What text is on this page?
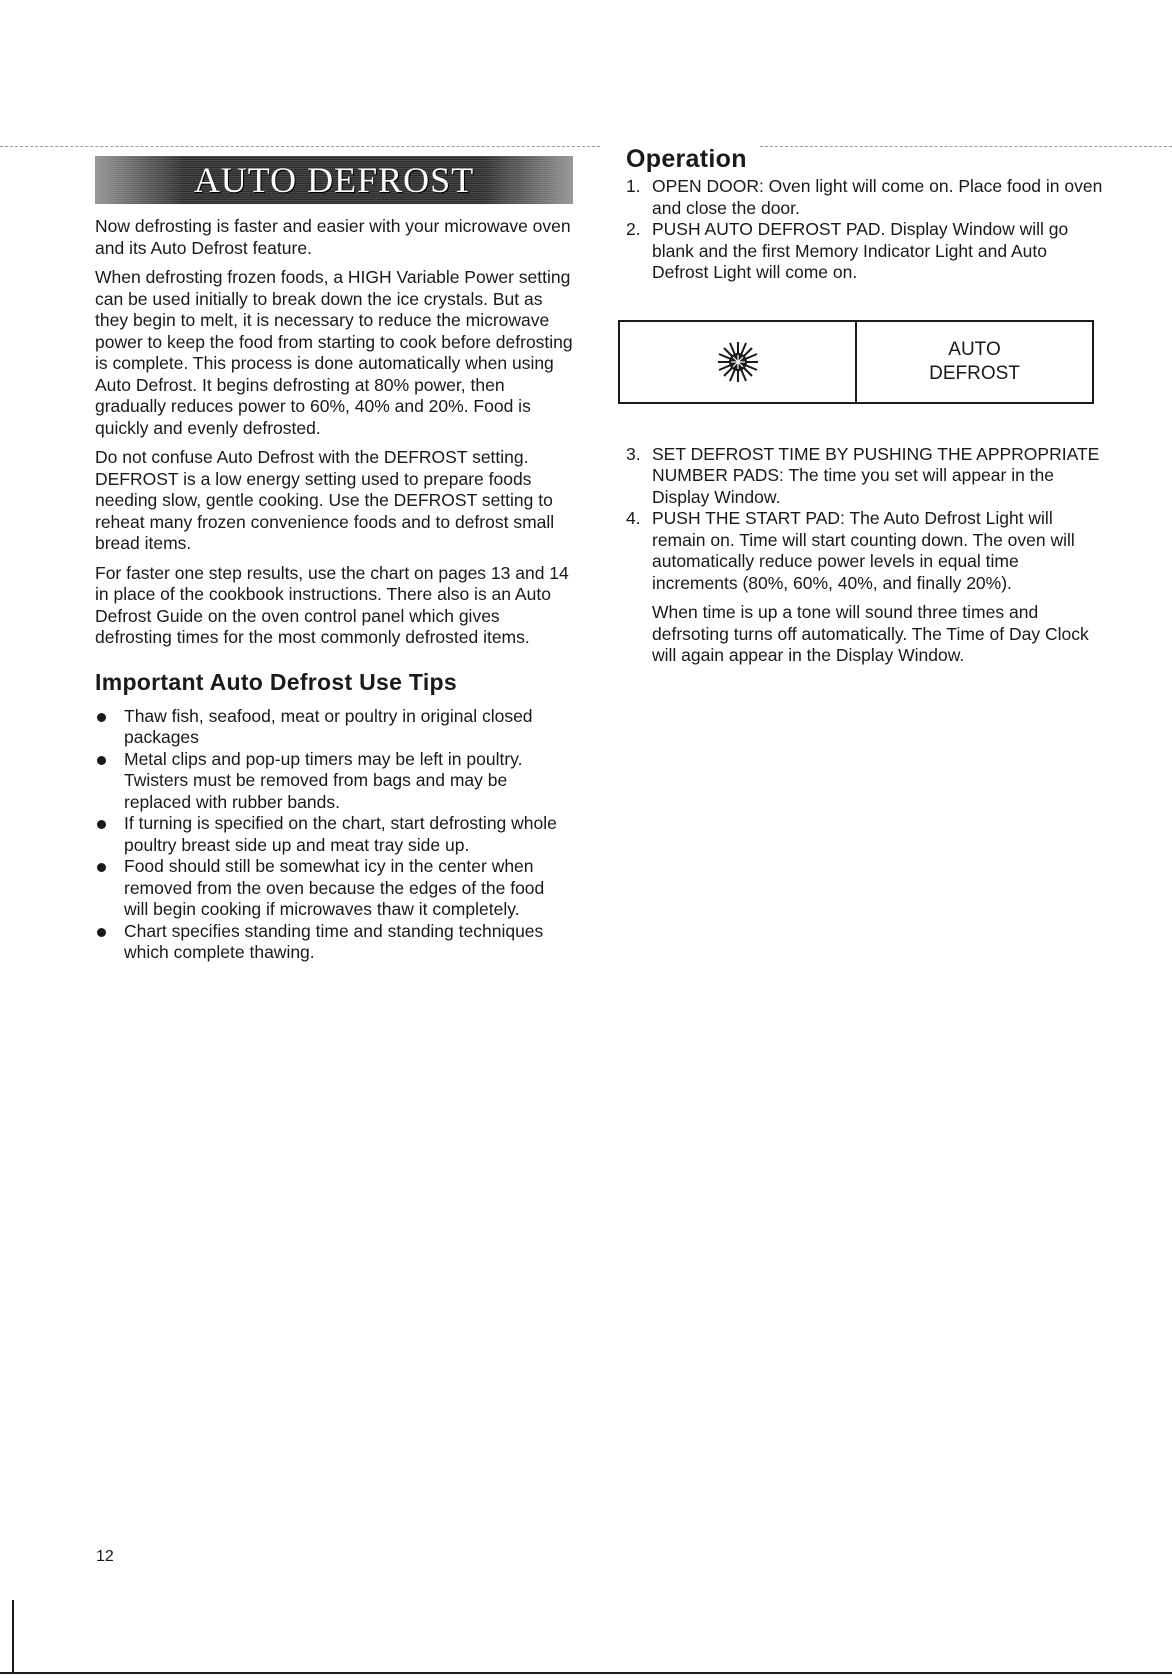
AUTO DEFROST

Now defrosting is faster and easier with your microwave oven and its Auto Defrost feature.

When defrosting frozen foods, a HIGH Variable Power setting can be used initially to break down the ice crystals. But as they begin to melt, it is necessary to reduce the microwave power to keep the food from starting to cook before defrosting is complete. This process is done automatically when using Auto Defrost. It begins defrosting at 80% power, then gradually reduces power to 60%, 40% and 20%. Food is quickly and evenly defrosted.

Do not confuse Auto Defrost with the DEFROST setting. DEFROST is a low energy setting used to prepare foods needing slow, gentle cooking. Use the DEFROST setting to reheat many frozen convenience foods and to defrost small bread items.

For faster one step results, use the chart on pages 13 and 14 in place of the cookbook instructions. There also is an Auto Defrost Guide on the oven control panel which gives defrosting times for the most commonly defrosted items.

Important Auto Defrost Use Tips
Thaw fish, seafood, meat or poultry in original closed packages
Metal clips and pop-up timers may be left in poultry. Twisters must be removed from bags and may be replaced with rubber bands.
If turning is specified on the chart, start defrosting whole poultry breast side up and meat tray side up.
Food should still be somewhat icy in the center when removed from the oven because the edges of the food will begin cooking if microwaves thaw it completely.
Chart specifies standing time and standing techniques which complete thawing.
Operation
1. OPEN DOOR: Oven light will come on. Place food in oven and close the door.
2. PUSH AUTO DEFROST PAD. Display Window will go blank and the first Memory Indicator Light and Auto Defrost Light will come on.
AUTO
DEFROST
3. SET DEFROST TIME BY PUSHING THE APPROPRIATE NUMBER PADS: The time you set will appear in the Display Window.
4. PUSH THE START PAD: The Auto Defrost Light will remain on. Time will start counting down. The oven will automatically reduce power levels in equal time increments (80%, 60%, 40%, and finally 20%).
When time is up a tone will sound three times and defrsoting turns off automatically. The Time of Day Clock will again appear in the Display Window.
12
